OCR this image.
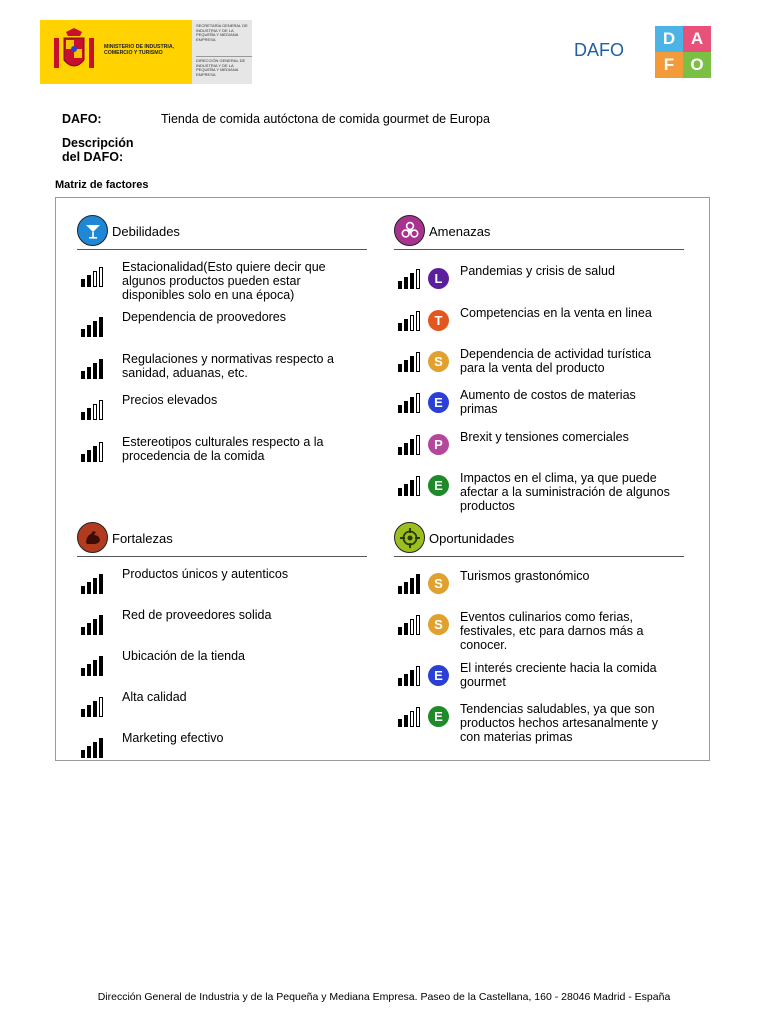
MINISTERIO DE INDUSTRIA, COMERCIO Y TURISMO
SECRETARÍA GENERAL DE INDUSTRIA Y DE LA PEQUEÑA Y MEDIANA EMPRESA
DIRECCIÓN GENERAL DE INDUSTRIA Y DE LA PEQUEÑA Y MEDIANA EMPRESA
DAFO
D A
F O
DAFO:	Tienda de comida autóctona de comida gourmet de Europa
Descripción
del DAFO:
Matriz de factores
Debilidades
Estacionalidad(Esto quiere decir que
algunos productos pueden estar
disponibles solo en una época)
Dependencia de proovedores
Regulaciones y normativas respecto a
sanidad, aduanas, etc.
Precios elevados
Estereotipos culturales respecto a la
procedencia de la comida
Amenazas
L	Pandemias y crisis de salud
T	Competencias en la venta en linea
S	Dependencia de actividad turística
para la venta del producto
E	Aumento de costos de materias
primas
P	Brexit y tensiones comerciales
E	Impactos en el clima, ya que puede
afectar a la suministración de algunos
productos
Fortalezas
Productos únicos y autenticos
Red de proveedores solida
Ubicación de la tienda
Alta calidad
Marketing efectivo
Oportunidades
S	Turismos grastonómico
S	Eventos culinarios como ferias,
festivales, etc para darnos más a
conocer.
E	El interés creciente hacia la comida
gourmet
E	Tendencias saludables, ya que son
productos hechos artesanalmente y
con materias primas
Dirección General de Industria y de la Pequeña y Mediana Empresa. Paseo de la Castellana, 160 - 28046 Madrid - España
